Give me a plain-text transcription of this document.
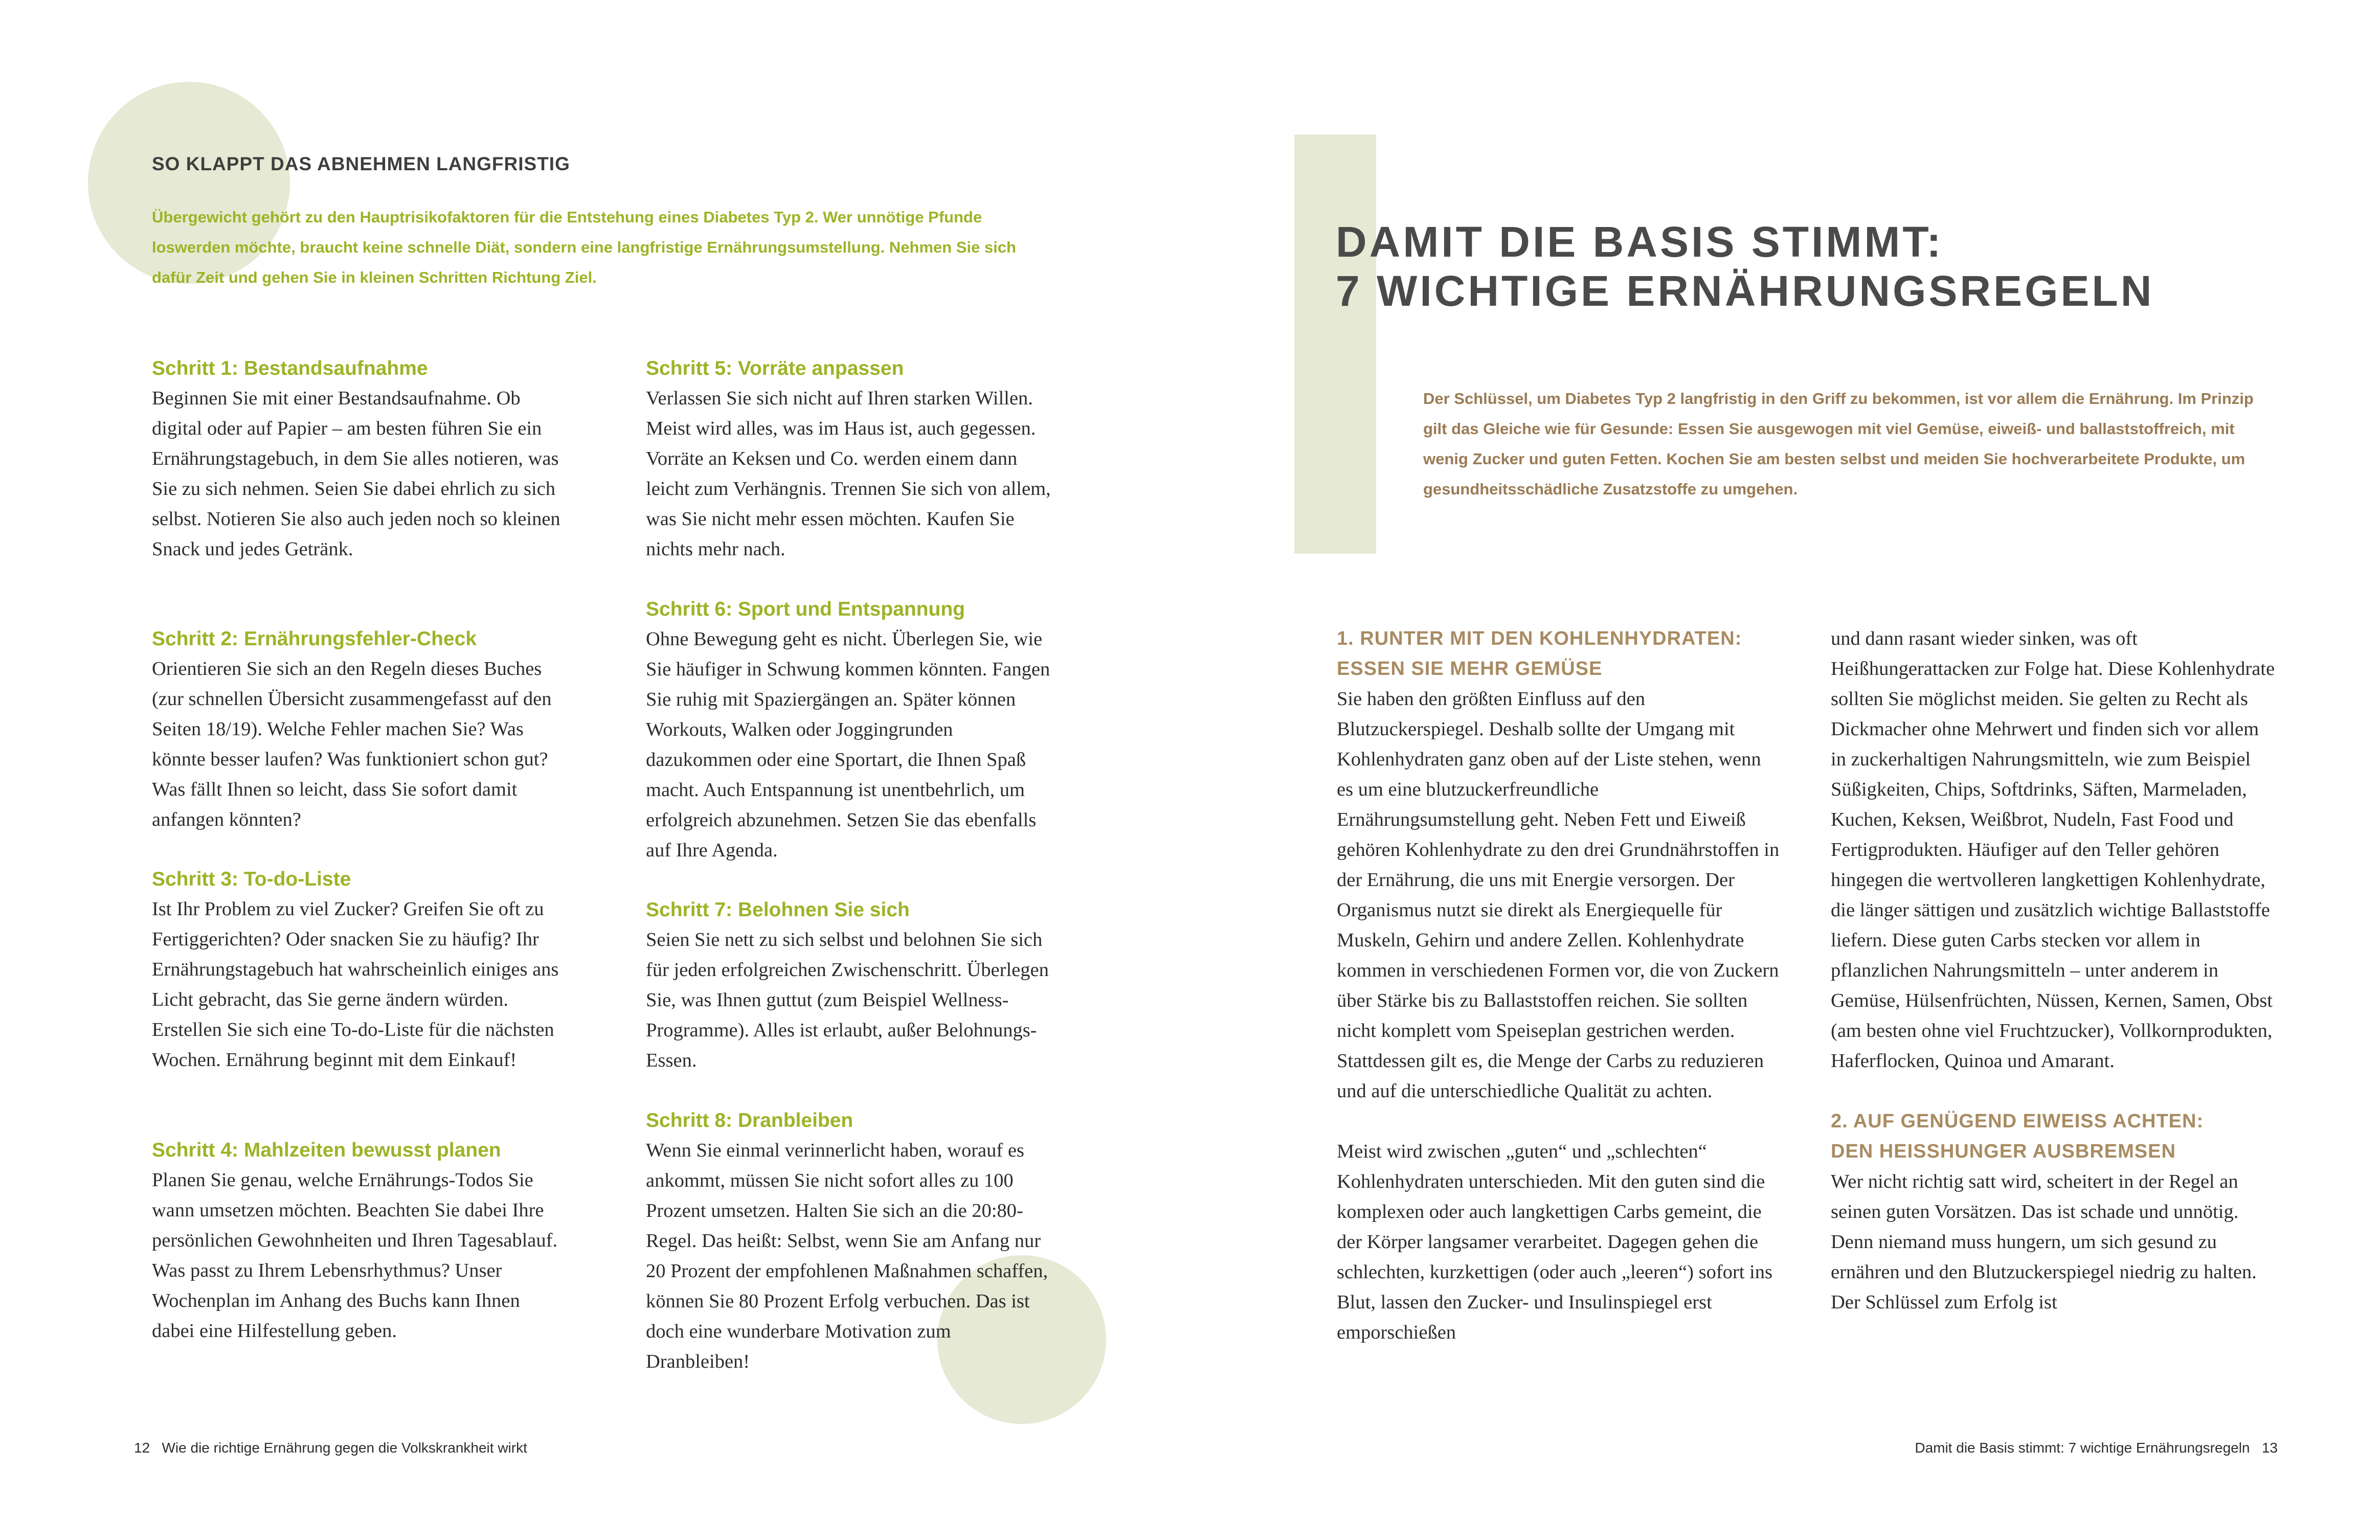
SO KLAPPT DAS ABNEHMEN LANGFRISTIG
Übergewicht gehört zu den Hauptrisikofaktoren für die Entstehung eines Diabetes Typ 2. Wer unnötige Pfunde loswerden möchte, braucht keine schnelle Diät, sondern eine langfristige Ernährungsumstellung. Nehmen Sie sich dafür Zeit und gehen Sie in kleinen Schritten Richtung Ziel.

Schritt 1: Bestandsaufnahme

Beginnen Sie mit einer Bestandsaufnahme. Ob digital oder auf Papier – am besten führen Sie ein Ernährungstagebuch, in dem Sie alles notieren, was Sie zu sich nehmen. Seien Sie dabei ehrlich zu sich selbst. Notieren Sie also auch jeden noch so kleinen Snack und jedes Getränk.

Schritt 2: Ernährungsfehler-Check

Orientieren Sie sich an den Regeln dieses Buches (zur schnellen Übersicht zusammengefasst auf den Seiten 18/19). Welche Fehler machen Sie? Was könnte besser laufen? Was funktioniert schon gut? Was fällt Ihnen so leicht, dass Sie sofort damit anfangen könnten?

Schritt 3: To-do-Liste

Ist Ihr Problem zu viel Zucker? Greifen Sie oft zu Fertiggerichten? Oder snacken Sie zu häufig? Ihr Ernährungstagebuch hat wahrscheinlich einiges ans Licht gebracht, das Sie gerne ändern würden. Erstellen Sie sich eine To-do-Liste für die nächsten Wochen. Ernährung beginnt mit dem Einkauf!

Schritt 4: Mahlzeiten bewusst planen

Planen Sie genau, welche Ernährungs-Todos Sie wann umsetzen möchten. Beachten Sie dabei Ihre persönlichen Gewohnheiten und Ihren Tagesablauf. Was passt zu Ihrem Lebensrhythmus? Unser Wochenplan im Anhang des Buchs kann Ihnen dabei eine Hilfestellung geben.

Schritt 5: Vorräte anpassen

Verlassen Sie sich nicht auf Ihren starken Willen. Meist wird alles, was im Haus ist, auch gegessen. Vorräte an Keksen und Co. werden einem dann leicht zum Verhängnis. Trennen Sie sich von allem, was Sie nicht mehr essen möchten. Kaufen Sie nichts mehr nach.

Schritt 6: Sport und Entspannung

Ohne Bewegung geht es nicht. Überlegen Sie, wie Sie häufiger in Schwung kommen könnten. Fangen Sie ruhig mit Spaziergängen an. Später können Workouts, Walken oder Joggingrunden dazukommen oder eine Sportart, die Ihnen Spaß macht. Auch Entspannung ist unentbehrlich, um erfolgreich abzunehmen. Setzen Sie das ebenfalls auf Ihre Agenda.

Schritt 7: Belohnen Sie sich

Seien Sie nett zu sich selbst und belohnen Sie sich für jeden erfolgreichen Zwischenschritt. Überlegen Sie, was Ihnen guttut (zum Beispiel Wellness-Programme). Alles ist erlaubt, außer Belohnungs-Essen.

Schritt 8: Dranbleiben

Wenn Sie einmal verinnerlicht haben, worauf es ankommt, müssen Sie nicht sofort alles zu 100 Prozent umsetzen. Halten Sie sich an die 20:80-Regel. Das heißt: Selbst, wenn Sie am Anfang nur 20 Prozent der empfohlenen Maßnahmen schaffen, können Sie 80 Prozent Erfolg verbuchen. Das ist doch eine wunderbare Motivation zum Dranbleiben!

12 Wie die richtige Ernährung gegen die Volkskrankheit wirkt
DAMIT DIE BASIS STIMMT:
7 WICHTIGE ERNÄHRUNGSREGELN
Der Schlüssel, um Diabetes Typ 2 langfristig in den Griff zu bekommen, ist vor allem die Ernährung. Im Prinzip gilt das Gleiche wie für Gesunde: Essen Sie ausgewogen mit viel Gemüse, eiweiß- und ballaststoffreich, mit wenig Zucker und guten Fetten. Kochen Sie am besten selbst und meiden Sie hochverarbeitete Produkte, um gesundheitsschädliche Zusatzstoffe zu umgehen.

1. RUNTER MIT DEN KOHLENHYDRATEN:
ESSEN SIE MEHR GEMÜSE

Sie haben den größten Einfluss auf den Blutzuckerspiegel. Deshalb sollte der Umgang mit Kohlenhydraten ganz oben auf der Liste stehen, wenn es um eine blutzuckerfreundliche Ernährungsumstellung geht. Neben Fett und Eiweiß gehören Kohlenhydrate zu den drei Grundnährstoffen in der Ernährung, die uns mit Energie versorgen. Der Organismus nutzt sie direkt als Energiequelle für Muskeln, Gehirn und andere Zellen. Kohlenhydrate kommen in verschiedenen Formen vor, die von Zuckern über Stärke bis zu Ballaststoffen reichen. Sie sollten nicht komplett vom Speiseplan gestrichen werden. Stattdessen gilt es, die Menge der Carbs zu reduzieren und auf die unterschiedliche Qualität zu achten.

Meist wird zwischen „guten“ und „schlechten“ Kohlenhydraten unterschieden. Mit den guten sind die komplexen oder auch langkettigen Carbs gemeint, die der Körper langsamer verarbeitet. Dagegen gehen die schlechten, kurzkettigen (oder auch „leeren“) sofort ins Blut, lassen den Zucker- und Insulinspiegel erst emporschießen

und dann rasant wieder sinken, was oft Heißhungerattacken zur Folge hat. Diese Kohlenhydrate sollten Sie möglichst meiden. Sie gelten zu Recht als Dickmacher ohne Mehrwert und finden sich vor allem in zuckerhaltigen Nahrungsmitteln, wie zum Beispiel Süßigkeiten, Chips, Softdrinks, Säften, Marmeladen, Kuchen, Keksen, Weißbrot, Nudeln, Fast Food und Fertigprodukten. Häufiger auf den Teller gehören hingegen die wertvolleren langkettigen Kohlenhydrate, die länger sättigen und zusätzlich wichtige Ballaststoffe liefern. Diese guten Carbs stecken vor allem in pflanzlichen Nahrungsmitteln – unter anderem in Gemüse, Hülsenfrüchten, Nüssen, Kernen, Samen, Obst (am besten ohne viel Fruchtzucker), Vollkornprodukten, Haferflocken, Quinoa und Amarant.

2. AUF GENÜGEND EIWEISS ACHTEN:
DEN HEISSHUNGER AUSBREMSEN

Wer nicht richtig satt wird, scheitert in der Regel an seinen guten Vorsätzen. Das ist schade und unnötig. Denn niemand muss hungern, um sich gesund zu ernähren und den Blutzuckerspiegel niedrig zu halten. Der Schlüssel zum Erfolg ist

Damit die Basis stimmt: 7 wichtige Ernährungsregeln 13
